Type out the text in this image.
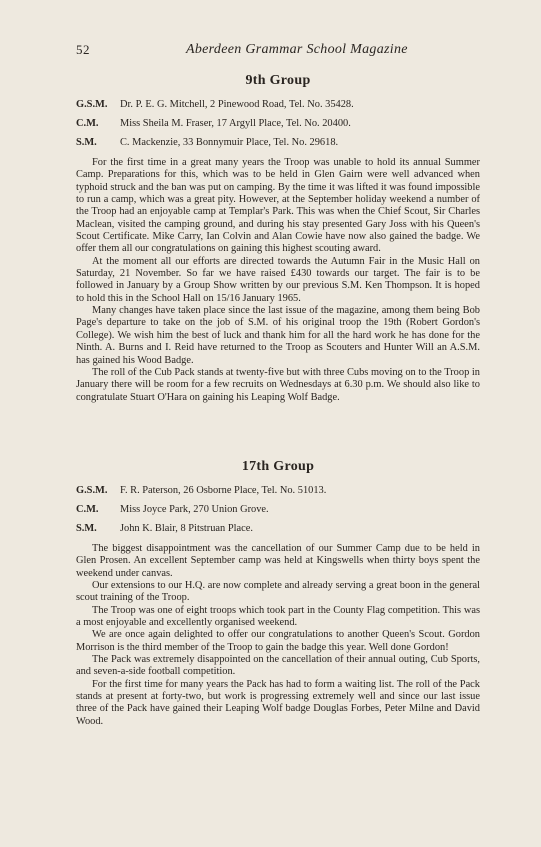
52	Aberdeen Grammar School Magazine
9th Group
G.S.M.	Dr. P. E. G. Mitchell, 2 Pinewood Road, Tel. No. 35428.
C.M.	Miss Sheila M. Fraser, 17 Argyll Place, Tel. No. 20400.
S.M.	C. Mackenzie, 33 Bonnymuir Place, Tel. No. 29618.

For the first time in a great many years the Troop was unable to hold its annual Summer Camp. Preparations for this, which was to be held in Glen Gairn were well advanced when typhoid struck and the ban was put on camping. By the time it was lifted it was found impossible to run a camp, which was a great pity. However, at the September holiday weekend a number of the Troop had an enjoyable camp at Templar's Park. This was when the Chief Scout, Sir Charles Maclean, visited the camping ground, and during his stay presented Gary Joss with his Queen's Scout Certificate. Mike Carry, Ian Colvin and Alan Cowie have now also gained the badge. We offer them all our congratulations on gaining this highest scouting award.

At the moment all our efforts are directed towards the Autumn Fair in the Music Hall on Saturday, 21 November. So far we have raised £430 towards our target. The fair is to be followed in January by a Group Show written by our previous S.M. Ken Thompson. It is hoped to hold this in the School Hall on 15/16 January 1965.

Many changes have taken place since the last issue of the magazine, among them being Bob Page's departure to take on the job of S.M. of his original troop the 19th (Robert Gordon's College). We wish him the best of luck and thank him for all the hard work he has done for the Ninth. A. Burns and I. Reid have returned to the Troop as Scouters and Hunter Will an A.S.M. has gained his Wood Badge.

The roll of the Cub Pack stands at twenty-five but with three Cubs moving on to the Troop in January there will be room for a few recruits on Wednesdays at 6.30 p.m. We should also like to congratulate Stuart O'Hara on gaining his Leaping Wolf Badge.

17th Group
G.S.M.	F. R. Paterson, 26 Osborne Place, Tel. No. 51013.
C.M.	Miss Joyce Park, 270 Union Grove.
S.M.	John K. Blair, 8 Pitstruan Place.

The biggest disappointment was the cancellation of our Summer Camp due to be held in Glen Prosen. An excellent September camp was held at Kingswells when thirty boys spent the weekend under canvas.

Our extensions to our H.Q. are now complete and already serving a great boon in the general scout training of the Troop.

The Troop was one of eight troops which took part in the County Flag competition. This was a most enjoyable and excellently organised weekend.

We are once again delighted to offer our congratulations to another Queen's Scout. Gordon Morrison is the third member of the Troop to gain the badge this year. Well done Gordon!

The Pack was extremely disappointed on the cancellation of their annual outing, Cub Sports, and seven-a-side football competition.

For the first time for many years the Pack has had to form a waiting list. The roll of the Pack stands at present at forty-two, but work is progressing extremely well and since our last issue three of the Pack have gained their Leaping Wolf badge Douglas Forbes, Peter Milne and David Wood.
